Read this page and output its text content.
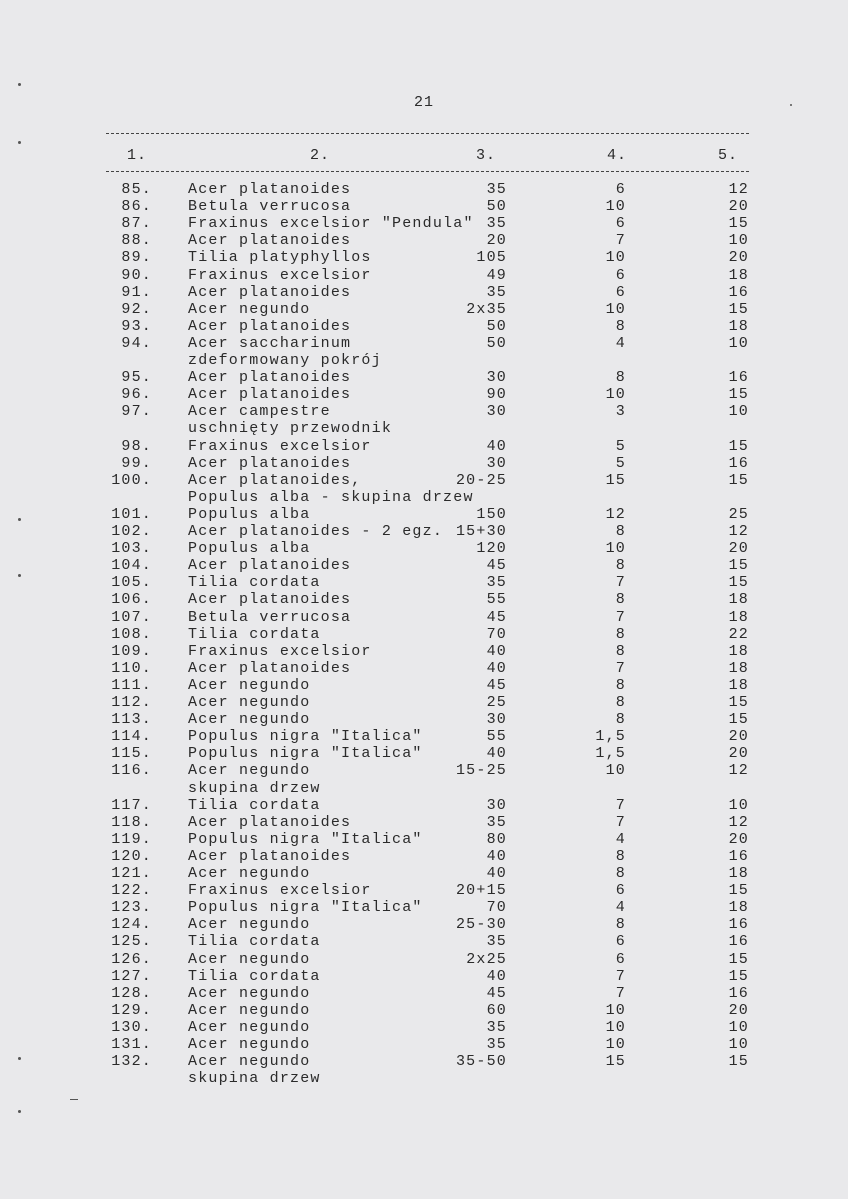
21
1.	2.	3.	4.	5.
85. Acer platanoides	35	6	12
86. Betula verrucosa	50	10	20
87. Fraxinus excelsior "Pendula" 35	6	15
88. Acer platanoides	20	7	10
89. Tilia platyphyllos	105	10	20
90. Fraxinus excelsior	49	6	18
91. Acer platanoides	35	6	16
92. Acer negundo	2x35	10	15
93. Acer platanoides	50	8	18
94. Acer saccharinum	50	4	10
zdeformowany pokrój
95. Acer platanoides	30	8	16
96. Acer platanoides	90	10	15
97. Acer campestre	30	3	10
uschnięty przewodnik
98. Fraxinus excelsior	40	5	15
99. Acer platanoides	30	5	16
100. Acer platanoides,	20-25	15	15
Populus alba - skupina drzew
101. Populus alba	150	12	25
102. Acer platanoides - 2 egz. 15+30	8	12
103. Populus alba	120	10	20
104. Acer platanoides	45	8	15
105. Tilia cordata	35	7	15
106. Acer platanoides	55	8	18
107. Betula verrucosa	45	7	18
108. Tilia cordata	70	8	22
109. Fraxinus excelsior	40	8	18
110. Acer platanoides	40	7	18
111. Acer negundo	45	8	18
112. Acer negundo	25	8	15
113. Acer negundo	30	8	15
114. Populus nigra "Italica"	55	1,5	20
115. Populus nigra "Italica"	40	1,5	20
116. Acer negundo	15-25	10	12
skupina drzew
117. Tilia cordata	30	7	10
118. Acer platanoides	35	7	12
119. Populus nigra "Italica"	80	4	20
120. Acer platanoides	40	8	16
121. Acer negundo	40	8	18
122. Fraxinus excelsior	20+15	6	15
123. Populus nigra "Italica"	70	4	18
124. Acer negundo	25-30	8	16
125. Tilia cordata	35	6	16
126. Acer negundo	2x25	6	15
127. Tilia cordata	40	7	15
128. Acer negundo	45	7	16
129. Acer negundo	60	10	20
130. Acer negundo	35	10	10
131. Acer negundo	35	10	10
132. Acer negundo	35-50	15	15
skupina drzew
